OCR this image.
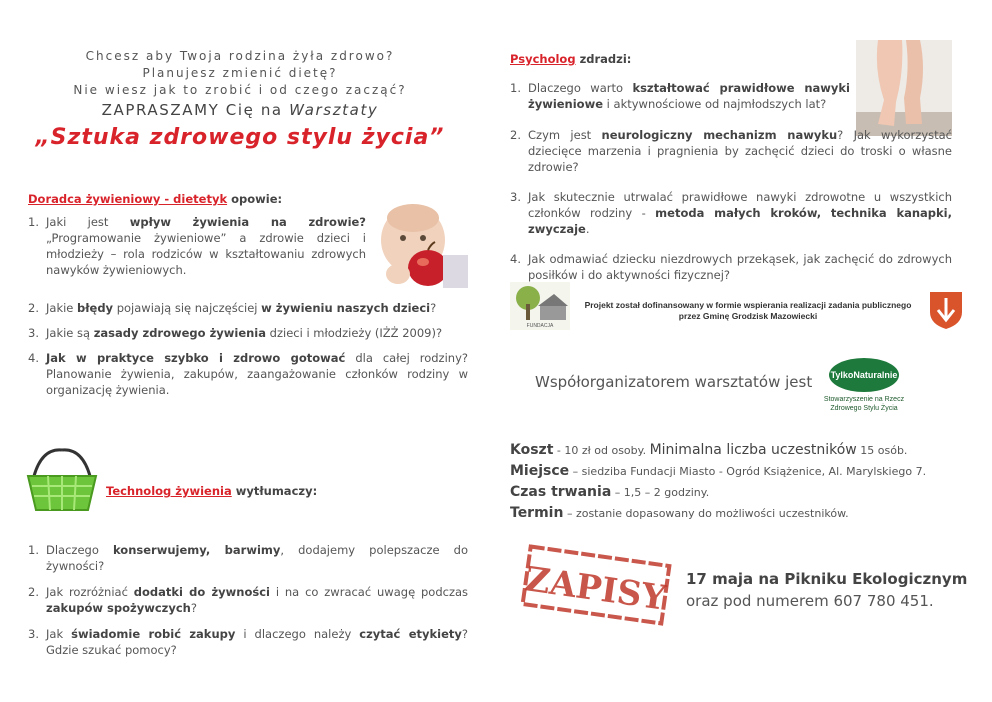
Chcesz aby Twoja rodzina żyła zdrowo?
Planujesz zmienić dietę?
Nie wiesz jak to zrobić i od czego zacząć?
ZAPRASZAMY Cię na Warsztaty
„Sztuka zdrowego stylu życia”
Doradca żywieniowy - dietetyk opowie:
1. Jaki jest wpływ żywienia na zdrowie? „Programowanie żywieniowe” a zdrowie dzieci i młodzieży – rola rodziców w kształtowaniu zdrowych nawyków żywieniowych.
2. Jakie błędy pojawiają się najczęściej w żywieniu naszych dzieci?
3. Jakie są zasady zdrowego żywienia dzieci i młodzieży (IŻŻ 2009)?
4. Jak w praktyce szybko i zdrowo gotować dla całej rodziny? Planowanie żywienia, zakupów, zaangażowanie członków rodziny w organizację żywienia.
Technolog żywienia wytłumaczy:
1. Dlaczego konserwujemy, barwimy, dodajemy polepszacze do żywności?
2. Jak rozróżniać dodatki do żywności i na co zwracać uwagę podczas zakupów spożywczych?
3. Jak świadomie robić zakupy i dlaczego należy czytać etykiety? Gdzie szukać pomocy?
Psycholog zdradzi:
1. Dlaczego warto kształtować prawidłowe nawyki żywieniowe i aktywnościowe od najmłodszych lat?
2. Czym jest neurologiczny mechanizm nawyku? Jak wykorzystać dziecięce marzenia i pragnienia by zachęcić dzieci do troski o własne zdrowie?
3. Jak skutecznie utrwalać prawidłowe nawyki zdrowotne u wszystkich członków rodziny - metoda małych kroków, technika kanapki, zwyczaje.
4. Jak odmawiać dziecku niezdrowych przekąsek, jak zachęcić do zdrowych posiłków i do aktywności fizycznej?
FUNDACJA
Projekt został dofinansowany w formie wspierania realizacji zadania publicznego
przez Gminę Grodzisk Mazowiecki
Współorganizatorem warsztatów jest	TylkoNaturalnie
Stowarzyszenie na Rzecz
Zdrowego Stylu Życia
Koszt - 10 zł od osoby. Minimalna liczba uczestników 15 osób.
Miejsce – siedziba Fundacji Miasto - Ogród Książenice, Al. Marylskiego 7.
Czas trwania – 1,5 – 2 godziny.
Termin – zostanie dopasowany do możliwości uczestników.
ZAPISY 17 maja na Pikniku Ekologicznym
oraz pod numerem 607 780 451.
